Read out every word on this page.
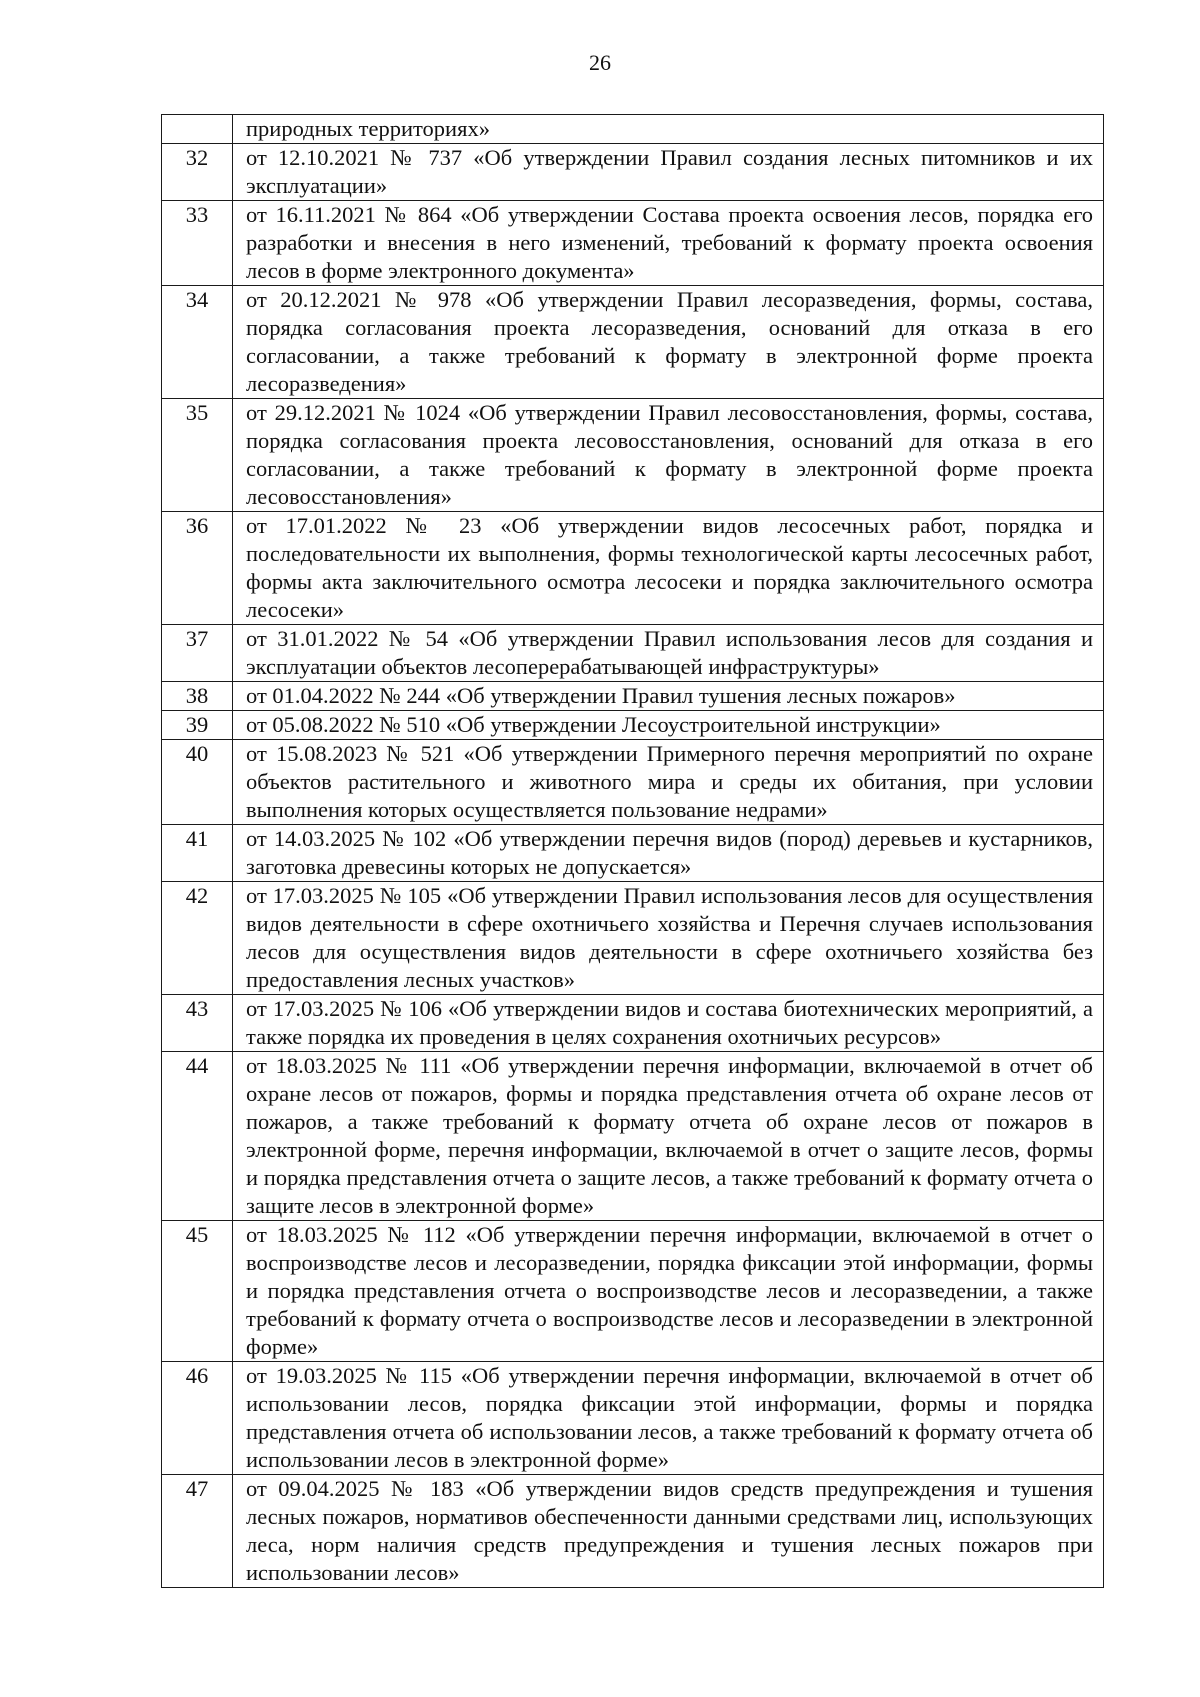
26
	природных территориях»
32	от 12.10.2021 № 737 «Об утверждении Правил создания лесных питомников и их эксплуатации»
33	от 16.11.2021 № 864 «Об утверждении Состава проекта освоения лесов, порядка его разработки и внесения в него изменений, требований к формату проекта освоения лесов в форме электронного документа»
34	от 20.12.2021 № 978 «Об утверждении Правил лесоразведения, формы, состава, порядка согласования проекта лесоразведения, оснований для отказа в его согласовании, а также требований к формату в электронной форме проекта лесоразведения»
35	от 29.12.2021 № 1024 «Об утверждении Правил лесовосстановления, формы, состава, порядка согласования проекта лесовосстановления, оснований для отказа в его согласовании, а также требований к формату в электронной форме проекта лесовосстановления»
36	от 17.01.2022 № 23 «Об утверждении видов лесосечных работ, порядка и последовательности их выполнения, формы технологической карты лесосечных работ, формы акта заключительного осмотра лесосеки и порядка заключительного осмотра лесосеки»
37	от 31.01.2022 № 54 «Об утверждении Правил использования лесов для создания и эксплуатации объектов лесоперерабатывающей инфраструктуры»
38	от 01.04.2022 № 244 «Об утверждении Правил тушения лесных пожаров»
39	от 05.08.2022 № 510 «Об утверждении Лесоустроительной инструкции»
40	от 15.08.2023 № 521 «Об утверждении Примерного перечня мероприятий по охране объектов растительного и животного мира и среды их обитания, при условии выполнения которых осуществляется пользование недрами»
41	от 14.03.2025 № 102 «Об утверждении перечня видов (пород) деревьев и кустарников, заготовка древесины которых не допускается»
42	от 17.03.2025 № 105 «Об утверждении Правил использования лесов для осуществления видов деятельности в сфере охотничьего хозяйства и Перечня случаев использования лесов для осуществления видов деятельности в сфере охотничьего хозяйства без предоставления лесных участков»
43	от 17.03.2025 № 106 «Об утверждении видов и состава биотехнических мероприятий, а также порядка их проведения в целях сохранения охотничьих ресурсов»
44	от 18.03.2025 № 111 «Об утверждении перечня информации, включаемой в отчет об охране лесов от пожаров, формы и порядка представления отчета об охране лесов от пожаров, а также требований к формату отчета об охране лесов от пожаров в электронной форме, перечня информации, включаемой в отчет о защите лесов, формы и порядка представления отчета о защите лесов, а также требований к формату отчета о защите лесов в электронной форме»
45	от 18.03.2025 № 112 «Об утверждении перечня информации, включаемой в отчет о воспроизводстве лесов и лесоразведении, порядка фиксации этой информации, формы и порядка представления отчета о воспроизводстве лесов и лесоразведении, а также требований к формату отчета о воспроизводстве лесов и лесоразведении в электронной форме»
46	от 19.03.2025 № 115 «Об утверждении перечня информации, включаемой в отчет об использовании лесов, порядка фиксации этой информации, формы и порядка представления отчета об использовании лесов, а также требований к формату отчета об использовании лесов в электронной форме»
47	от 09.04.2025 № 183 «Об утверждении видов средств предупреждения и тушения лесных пожаров, нормативов обеспеченности данными средствами лиц, использующих леса, норм наличия средств предупреждения и тушения лесных пожаров при использовании лесов»
